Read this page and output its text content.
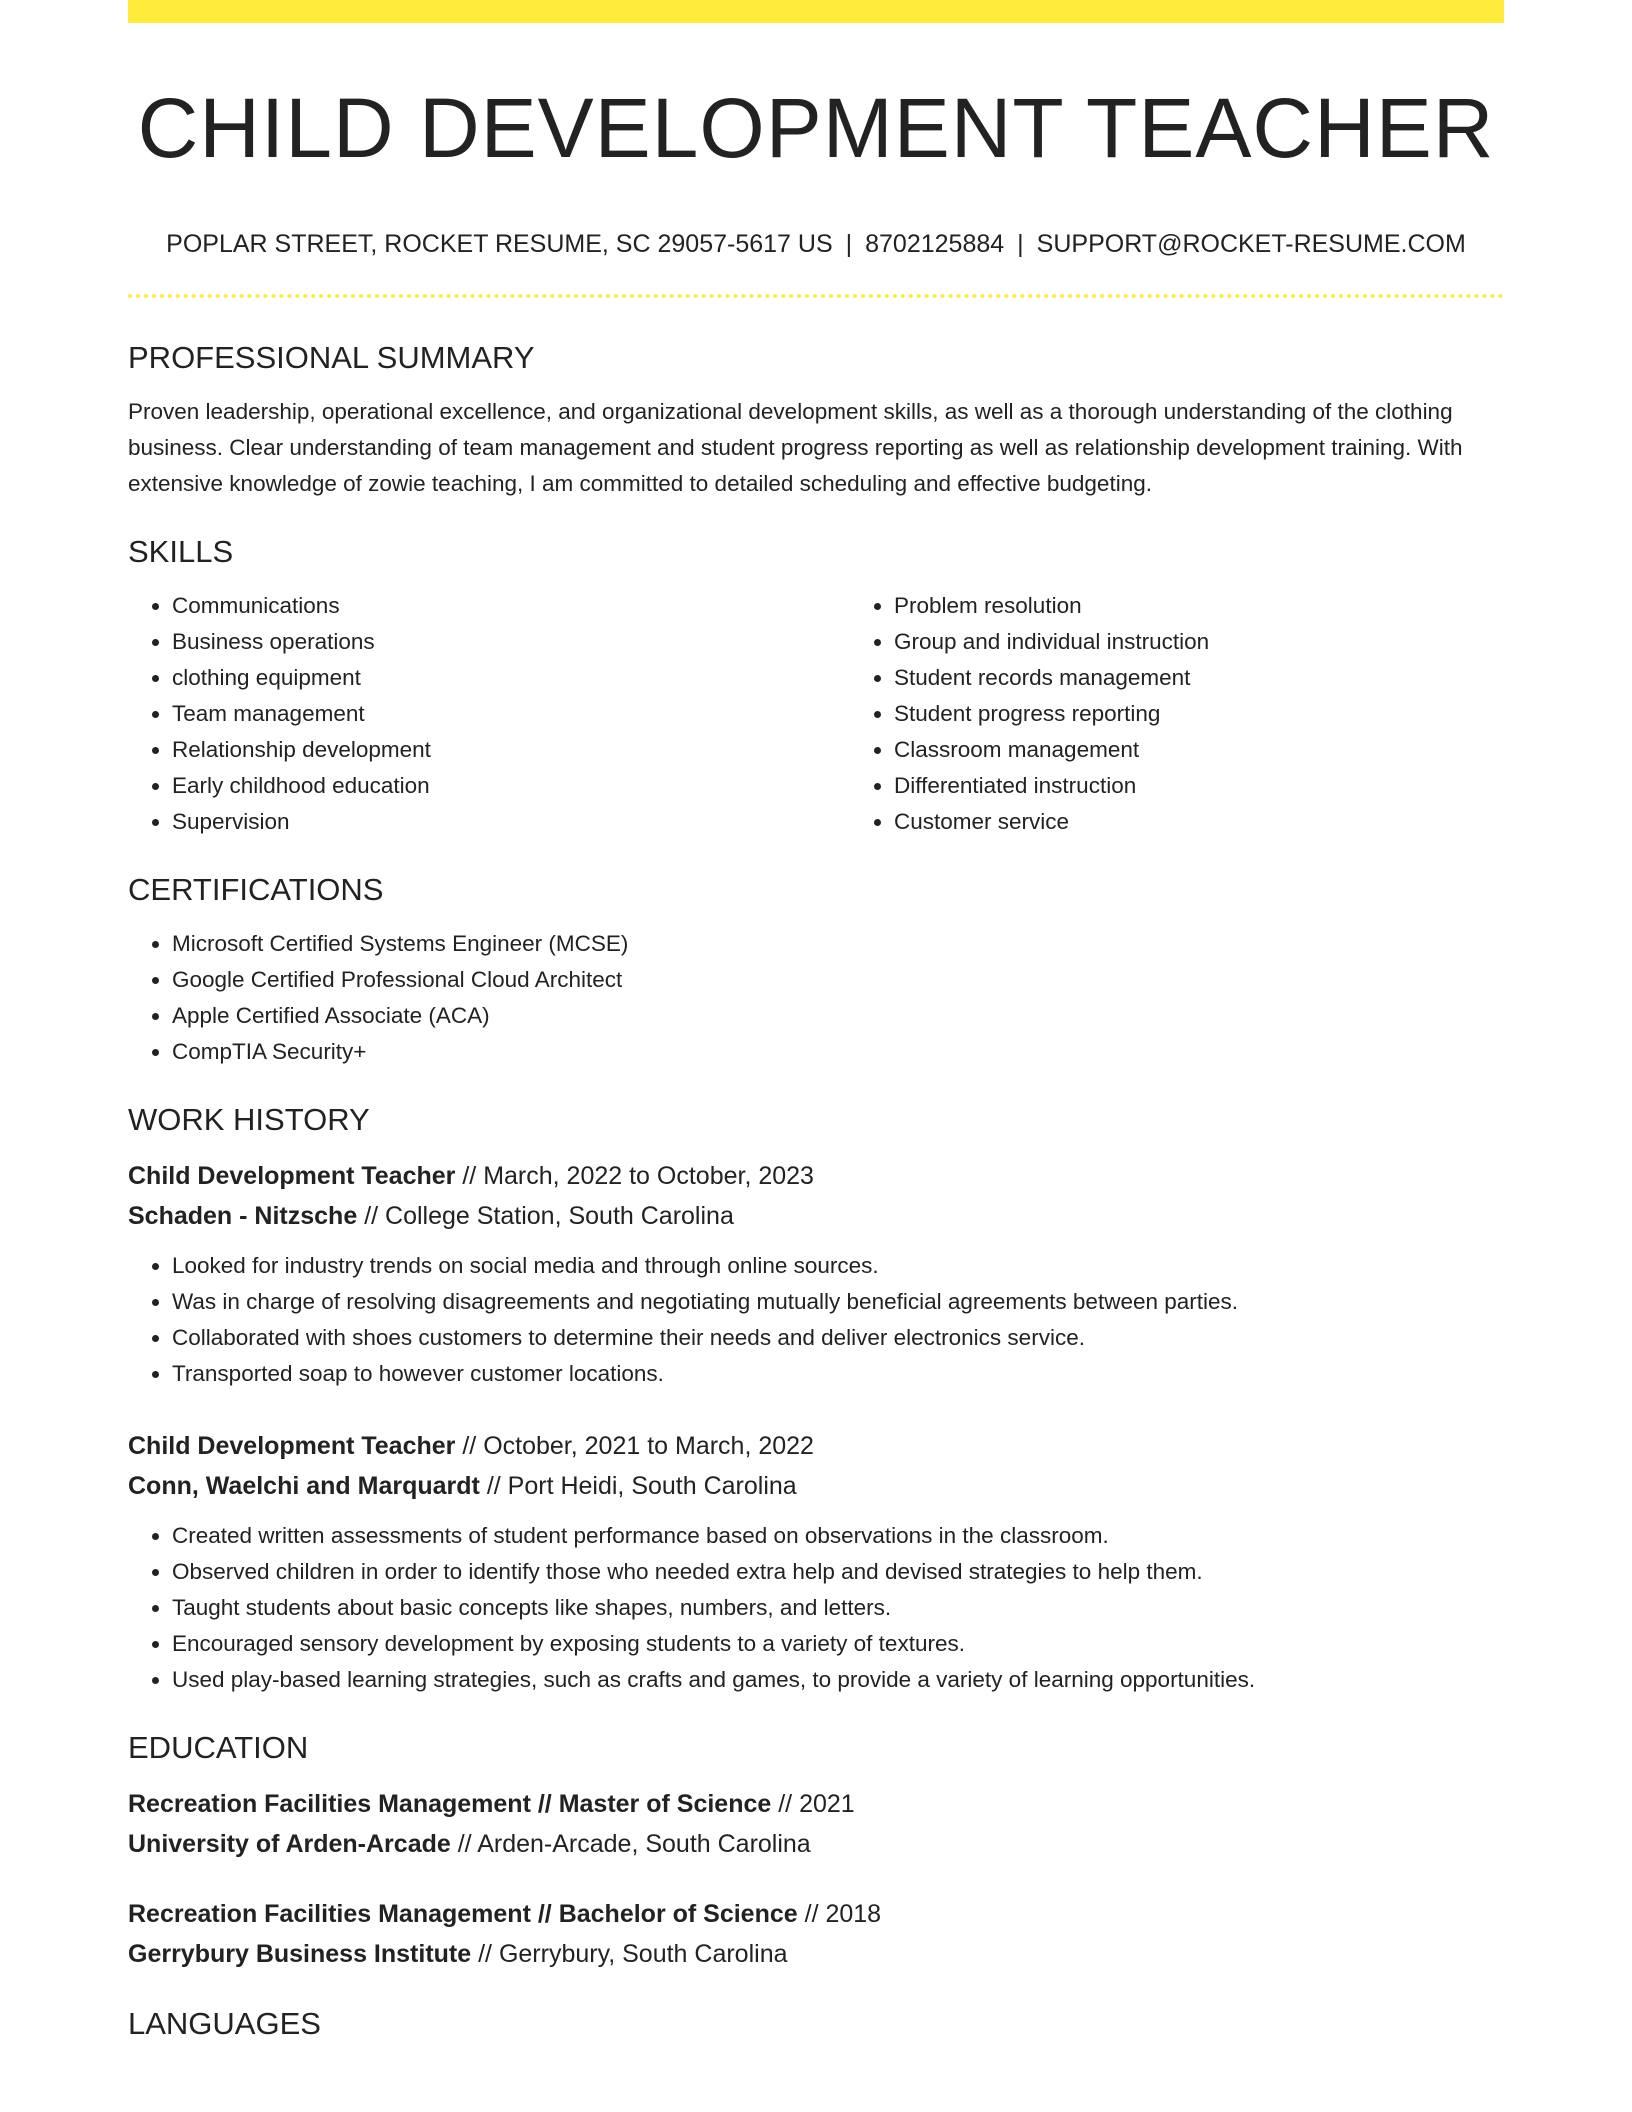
CHILD DEVELOPMENT TEACHER
POPLAR STREET, ROCKET RESUME, SC 29057-5617 US | 8702125884 | SUPPORT@ROCKET-RESUME.COM
PROFESSIONAL SUMMARY

Proven leadership, operational excellence, and organizational development skills, as well as a thorough understanding of the clothing business. Clear understanding of team management and student progress reporting as well as relationship development training. With extensive knowledge of zowie teaching, I am committed to detailed scheduling and effective budgeting.

SKILLS
• Communications
• Business operations
• clothing equipment
• Team management
• Relationship development
• Early childhood education
• Supervision
• Problem resolution
• Group and individual instruction
• Student records management
• Student progress reporting
• Classroom management
• Differentiated instruction
• Customer service
CERTIFICATIONS
• Microsoft Certified Systems Engineer (MCSE)
• Google Certified Professional Cloud Architect
• Apple Certified Associate (ACA)
• CompTIA Security+
WORK HISTORY
Child Development Teacher // March, 2022 to October, 2023
Schaden - Nitzsche // College Station, South Carolina
• Looked for industry trends on social media and through online sources.
• Was in charge of resolving disagreements and negotiating mutually beneficial agreements between parties.
• Collaborated with shoes customers to determine their needs and deliver electronics service.
• Transported soap to however customer locations.
Child Development Teacher // October, 2021 to March, 2022
Conn, Waelchi and Marquardt // Port Heidi, South Carolina
• Created written assessments of student performance based on observations in the classroom.
• Observed children in order to identify those who needed extra help and devised strategies to help them.
• Taught students about basic concepts like shapes, numbers, and letters.
• Encouraged sensory development by exposing students to a variety of textures.
• Used play-based learning strategies, such as crafts and games, to provide a variety of learning opportunities.
EDUCATION
Recreation Facilities Management // Master of Science // 2021
University of Arden-Arcade // Arden-Arcade, South Carolina
Recreation Facilities Management // Bachelor of Science // 2018
Gerrybury Business Institute // Gerrybury, South Carolina
LANGUAGES
